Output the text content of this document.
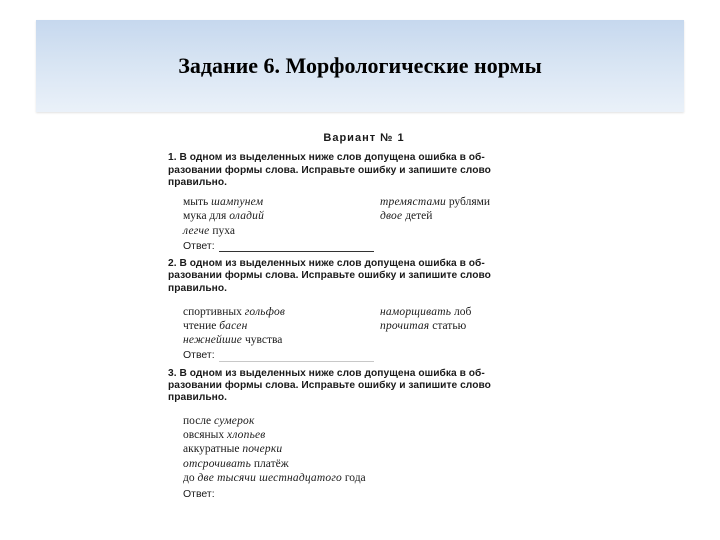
Задание 6. Морфологические нормы
Вариант № 1
1. В одном из выделенных ниже слов допущена ошибка в об-
разовании формы слова. Исправьте ошибку и запишите слово
правильно.
мыть шампунем
мука для оладий
легче пуха
тремястами рублями
двое детей
Ответ:
2. В одном из выделенных ниже слов допущена ошибка в об-
разовании формы слова. Исправьте ошибку и запишите слово
правильно.
спортивных гольфов
чтение басен
нежнейшие чувства
наморщивать лоб
прочитая статью
Ответ:
3. В одном из выделенных ниже слов допущена ошибка в об-
разовании формы слова. Исправьте ошибку и запишите слово
правильно.
после сумерок
овсяных хлопьев
аккуратные почерки
отсрочивать платёж
до две тысячи шестнадцатого года
Ответ:
